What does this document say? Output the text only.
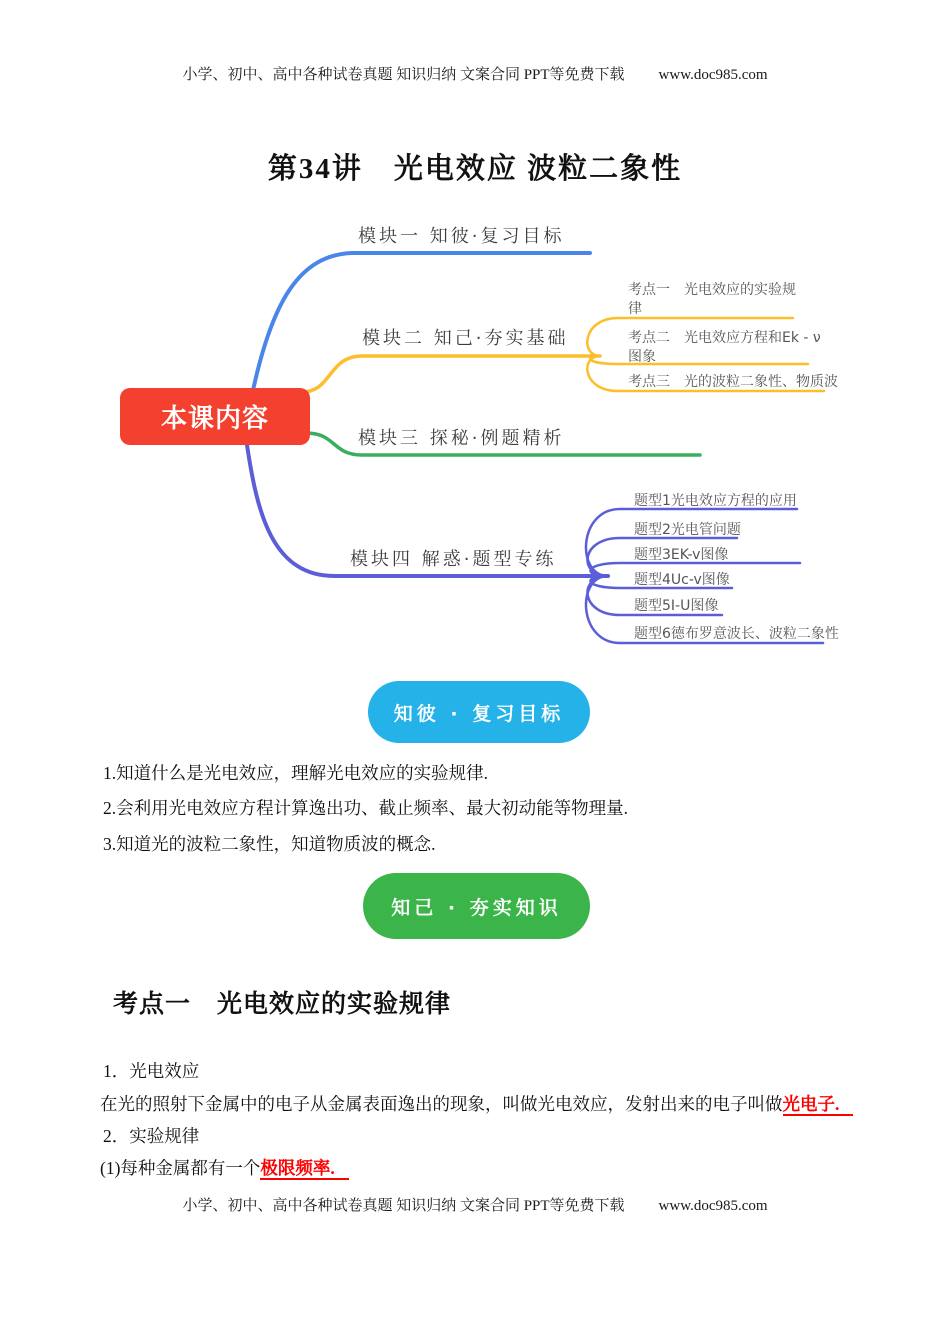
小学、初中、高中各种试卷真题 知识归纳 文案合同 PPT等免费下载 www.doc985.com
第34讲　光电效应 波粒二象性
本课内容
模块一 知彼·复习目标
模块二 知己·夯实基础
模块三 探秘·例题精析
模块四 解惑·题型专练
考点一　光电效应的实验规律
考点二　光电效应方程和Ek - ν图象
考点三　光的波粒二象性、物质波
题型1光电效应方程的应用
题型2光电管问题
题型3EK-v图像
题型4Uc-v图像
题型5I-U图像
题型6德布罗意波长、波粒二象性
知彼 · 复习目标

1.知道什么是光电效应，理解光电效应的实验规律.

2.会利用光电效应方程计算逸出功、截止频率、最大初动能等物理量.

3.知道光的波粒二象性，知道物质波的概念.

知己 · 夯实知识
考点一　光电效应的实验规律

1．光电效应

在光的照射下金属中的电子从金属表面逸出的现象，叫做光电效应，发射出来的电子叫做光电子.

2．实验规律

(1)每种金属都有一个极限频率.

小学、初中、高中各种试卷真题 知识归纳 文案合同 PPT等免费下载 www.doc985.com
